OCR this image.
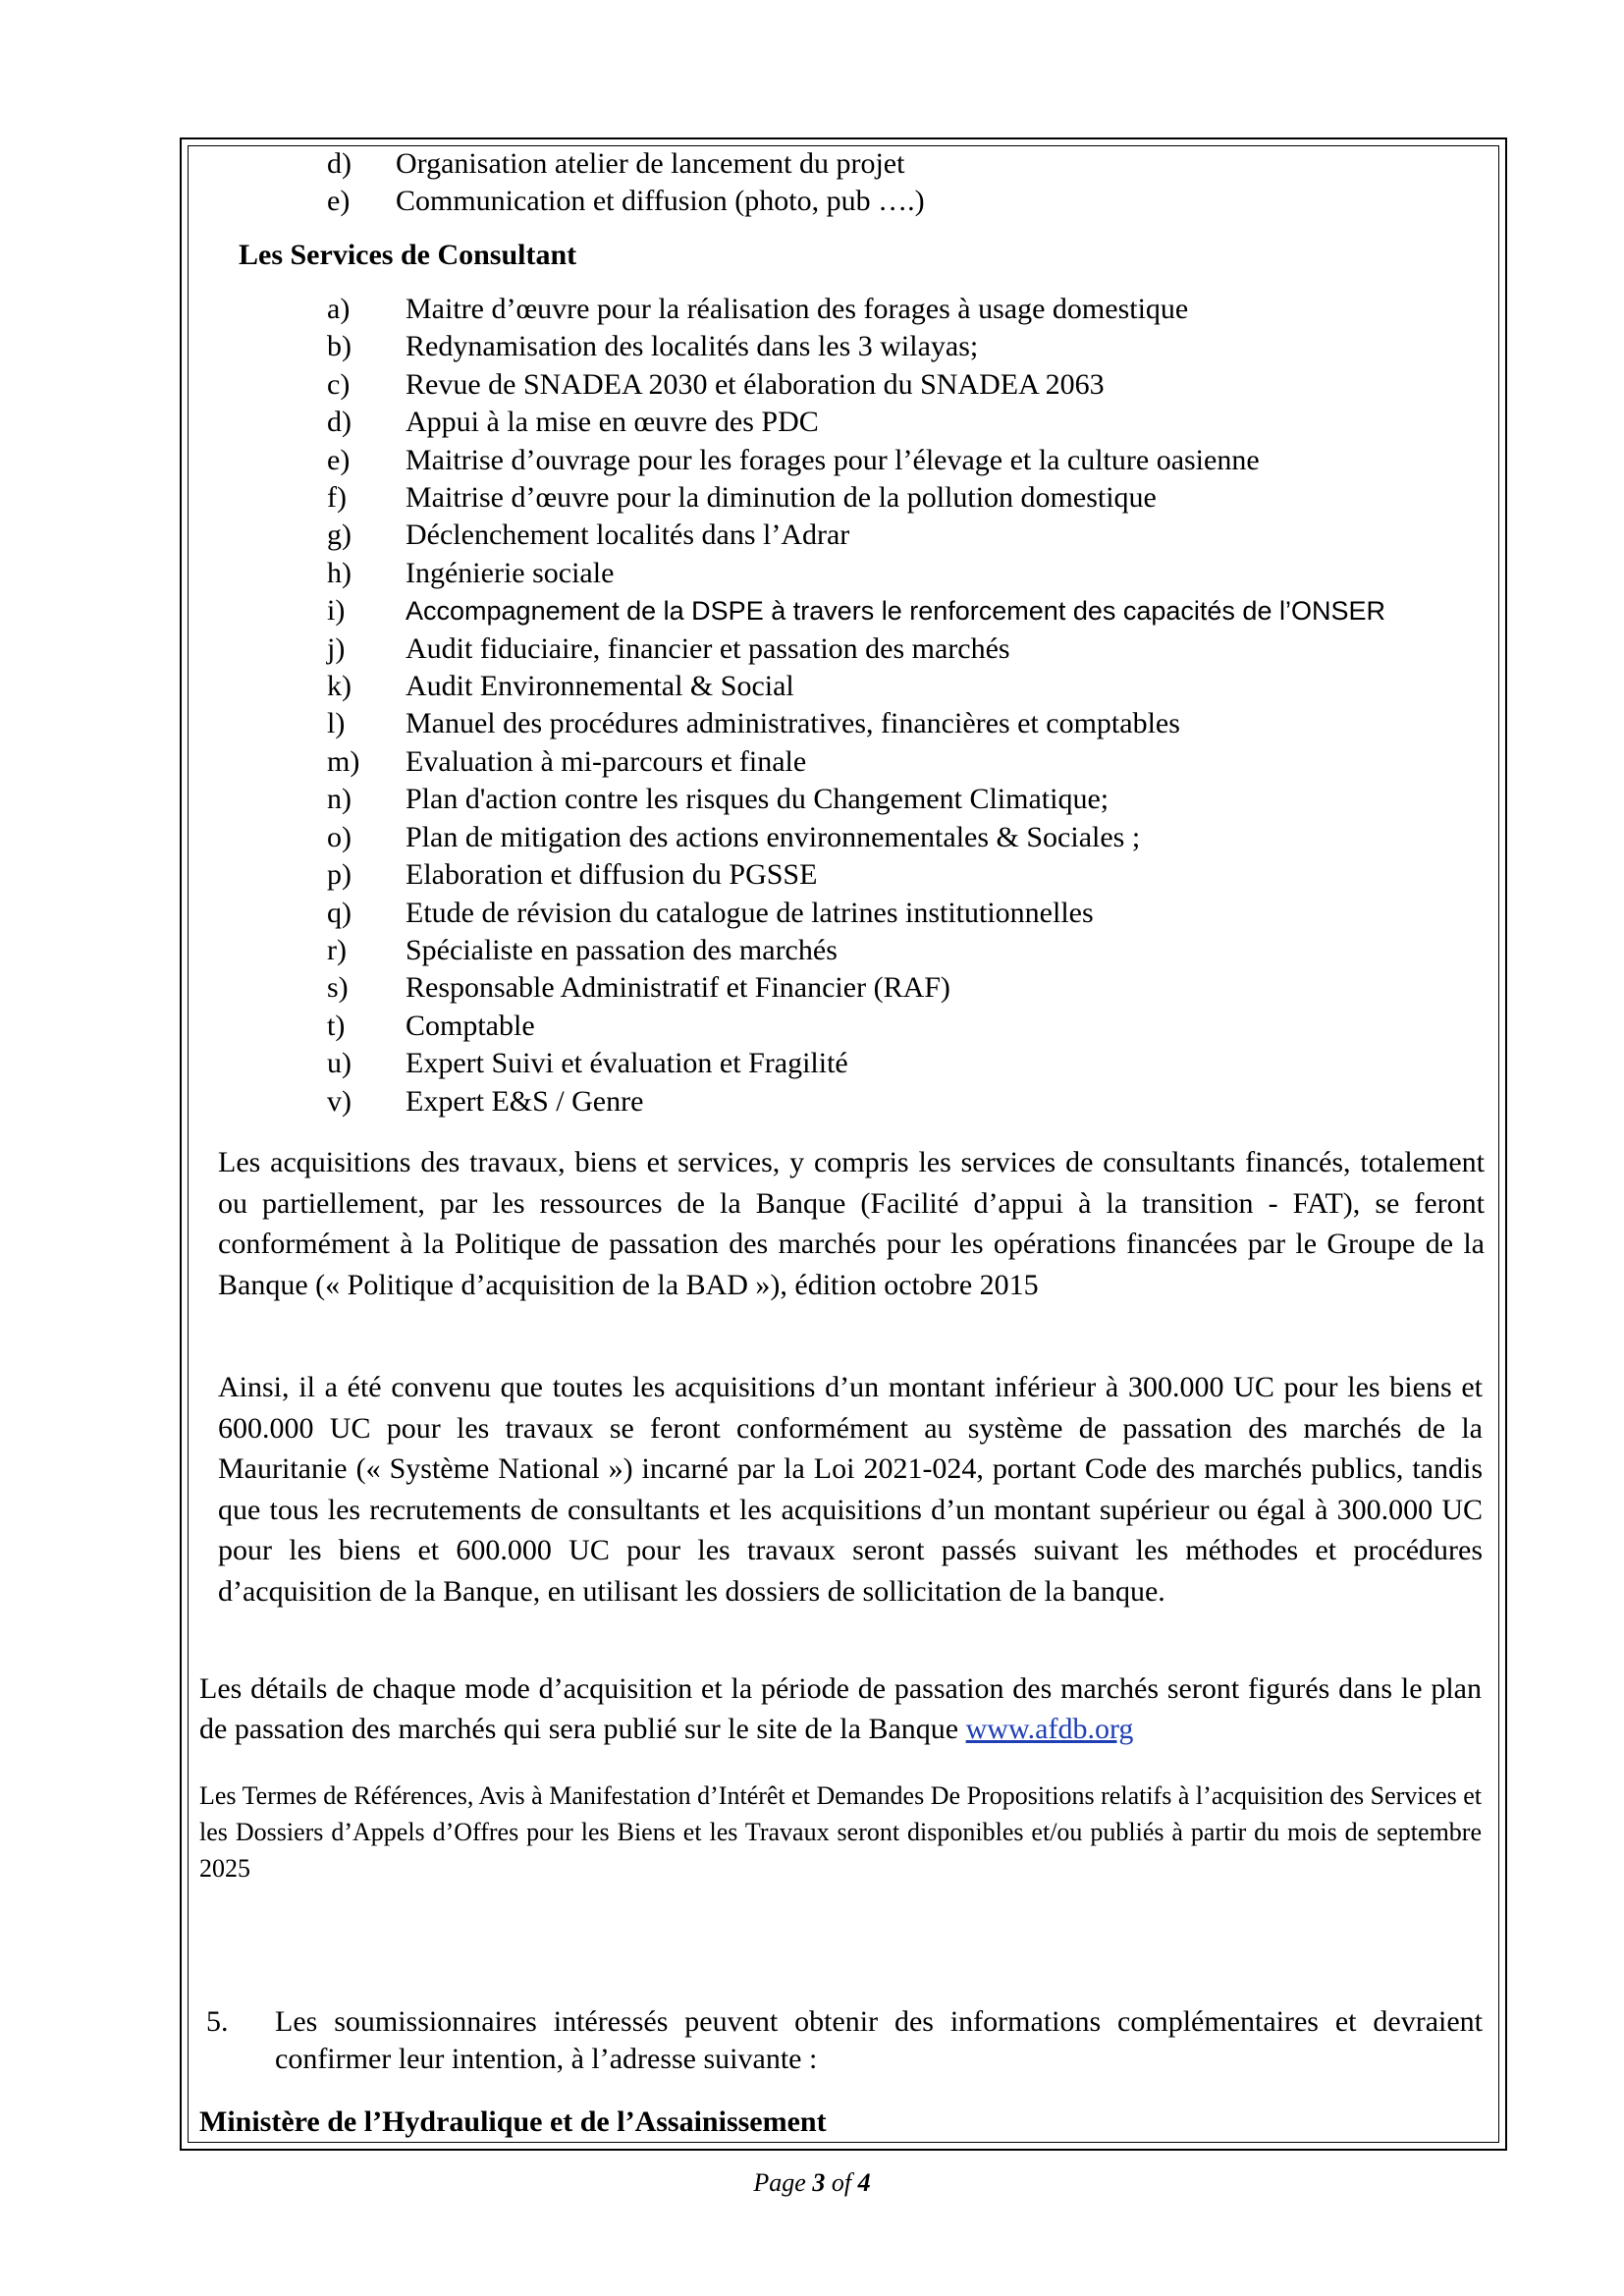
d) Organisation atelier de lancement du projet
e) Communication et diffusion (photo, pub ….)
Les Services de Consultant
a) Maitre d’œuvre pour la réalisation des forages à usage domestique
b) Redynamisation des localités dans les 3 wilayas;
c) Revue de SNADEA 2030 et élaboration du SNADEA 2063
d) Appui à la mise en œuvre des PDC
e) Maitrise d’ouvrage pour les forages pour l’élevage et la culture oasienne
f) Maitrise d’œuvre pour la diminution de la pollution domestique
g) Déclenchement localités dans l’Adrar
h) Ingénierie sociale
i) Accompagnement de la DSPE à travers le renforcement des capacités de l’ONSER
j) Audit fiduciaire, financier et passation des marchés
k) Audit Environnemental & Social
l) Manuel des procédures administratives, financières et comptables
m) Evaluation à mi-parcours et finale
n) Plan d'action contre les risques du Changement Climatique;
o) Plan de mitigation des actions environnementales & Sociales ;
p) Elaboration et diffusion du PGSSE
q) Etude de révision du catalogue de latrines institutionnelles
r) Spécialiste en passation des marchés
s) Responsable Administratif et Financier (RAF)
t) Comptable
u) Expert Suivi et évaluation et Fragilité
v) Expert E&S / Genre

Les acquisitions des travaux, biens et services, y compris les services de consultants financés, totalement ou partiellement, par les ressources de la Banque (Facilité d’appui à la transition - FAT), se feront conformément à la Politique de passation des marchés pour les opérations financées par le Groupe de la Banque (« Politique d’acquisition de la BAD »), édition octobre 2015

Ainsi, il a été convenu que toutes les acquisitions d’un montant inférieur à 300.000 UC pour les biens et 600.000 UC pour les travaux se feront conformément au système de passation des marchés de la Mauritanie (« Système National ») incarné par la Loi 2021-024, portant Code des marchés publics, tandis que tous les recrutements de consultants et les acquisitions d’un montant supérieur ou égal à 300.000 UC pour les biens et 600.000 UC pour les travaux seront passés suivant les méthodes et procédures d’acquisition de la Banque, en utilisant les dossiers de sollicitation de la banque.

Les détails de chaque mode d’acquisition et la période de passation des marchés seront figurés dans le plan de passation des marchés qui sera publié sur le site de la Banque www.afdb.org

Les Termes de Références, Avis à Manifestation d’Intérêt et Demandes De Propositions relatifs à l’acquisition des Services et les Dossiers d’Appels d’Offres pour les Biens et les Travaux seront disponibles et/ou publiés à partir du mois de septembre 2025

5. Les soumissionnaires intéressés peuvent obtenir des informations complémentaires et devraient confirmer leur intention, à l’adresse suivante :
Ministère de l’Hydraulique et de l’Assainissement
Page 3 of 4
